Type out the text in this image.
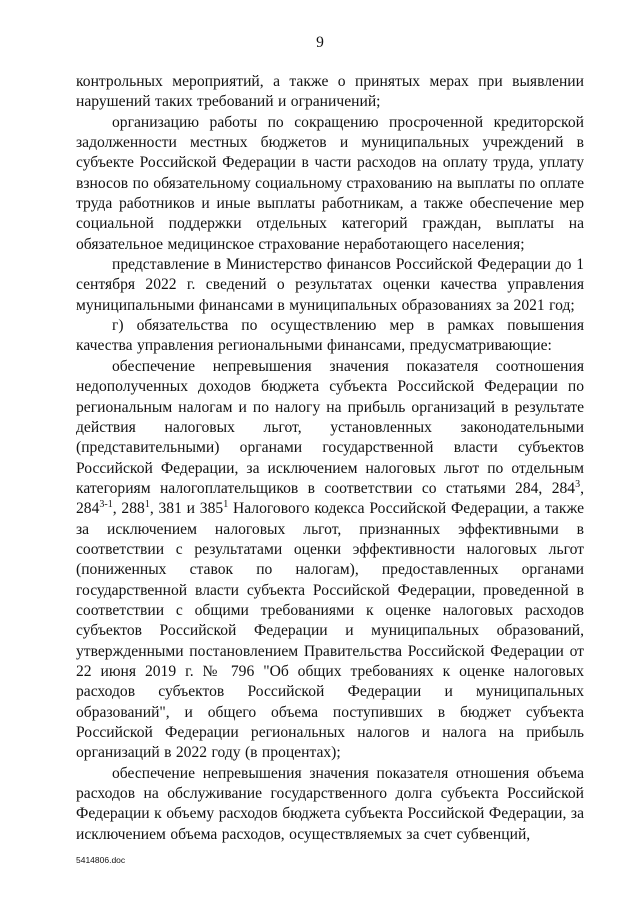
9

контрольных мероприятий, а также о принятых мерах при выявлении нарушений таких требований и ограничений;

организацию работы по сокращению просроченной кредиторской задолженности местных бюджетов и муниципальных учреждений в субъекте Российской Федерации в части расходов на оплату труда, уплату взносов по обязательному социальному страхованию на выплаты по оплате труда работников и иные выплаты работникам, а также обеспечение мер социальной поддержки отдельных категорий граждан, выплаты на обязательное медицинское страхование неработающего населения;

представление в Министерство финансов Российской Федерации до 1 сентября 2022 г. сведений о результатах оценки качества управления муниципальными финансами в муниципальных образованиях за 2021 год;

г) обязательства по осуществлению мер в рамках повышения качества управления региональными финансами, предусматривающие:

обеспечение непревышения значения показателя соотношения недополученных доходов бюджета субъекта Российской Федерации по региональным налогам и по налогу на прибыль организаций в результате действия налоговых льгот, установленных законодательными (представительными) органами государственной власти субъектов Российской Федерации, за исключением налоговых льгот по отдельным категориям налогоплательщиков в соответствии со статьями 284, $284^3$, 284$^{3-1}$, $288^1$, 381 и $385^1$ Налогового кодекса Российской Федерации, а также за исключением налоговых льгот, признанных эффективными в соответствии с результатами оценки эффективности налоговых льгот (пониженных ставок по налогам), предоставленных органами государственной власти субъекта Российской Федерации, проведенной в соответствии с общими требованиями к оценке налоговых расходов субъектов Российской Федерации и муниципальных образований, утвержденными постановлением Правительства Российской Федерации от 22 июня 2019 г. № 796 "Об общих требованиях к оценке налоговых расходов субъектов Российской Федерации и муниципальных образований", и общего объема поступивших в бюджет субъекта Российской Федерации региональных налогов и налога на прибыль организаций в 2022 году (в процентах);

обеспечение непревышения значения показателя отношения объема расходов на обслуживание государственного долга субъекта Российской Федерации к объему расходов бюджета субъекта Российской Федерации, за исключением объема расходов, осуществляемых за счет субвенций,

5414806.doc
